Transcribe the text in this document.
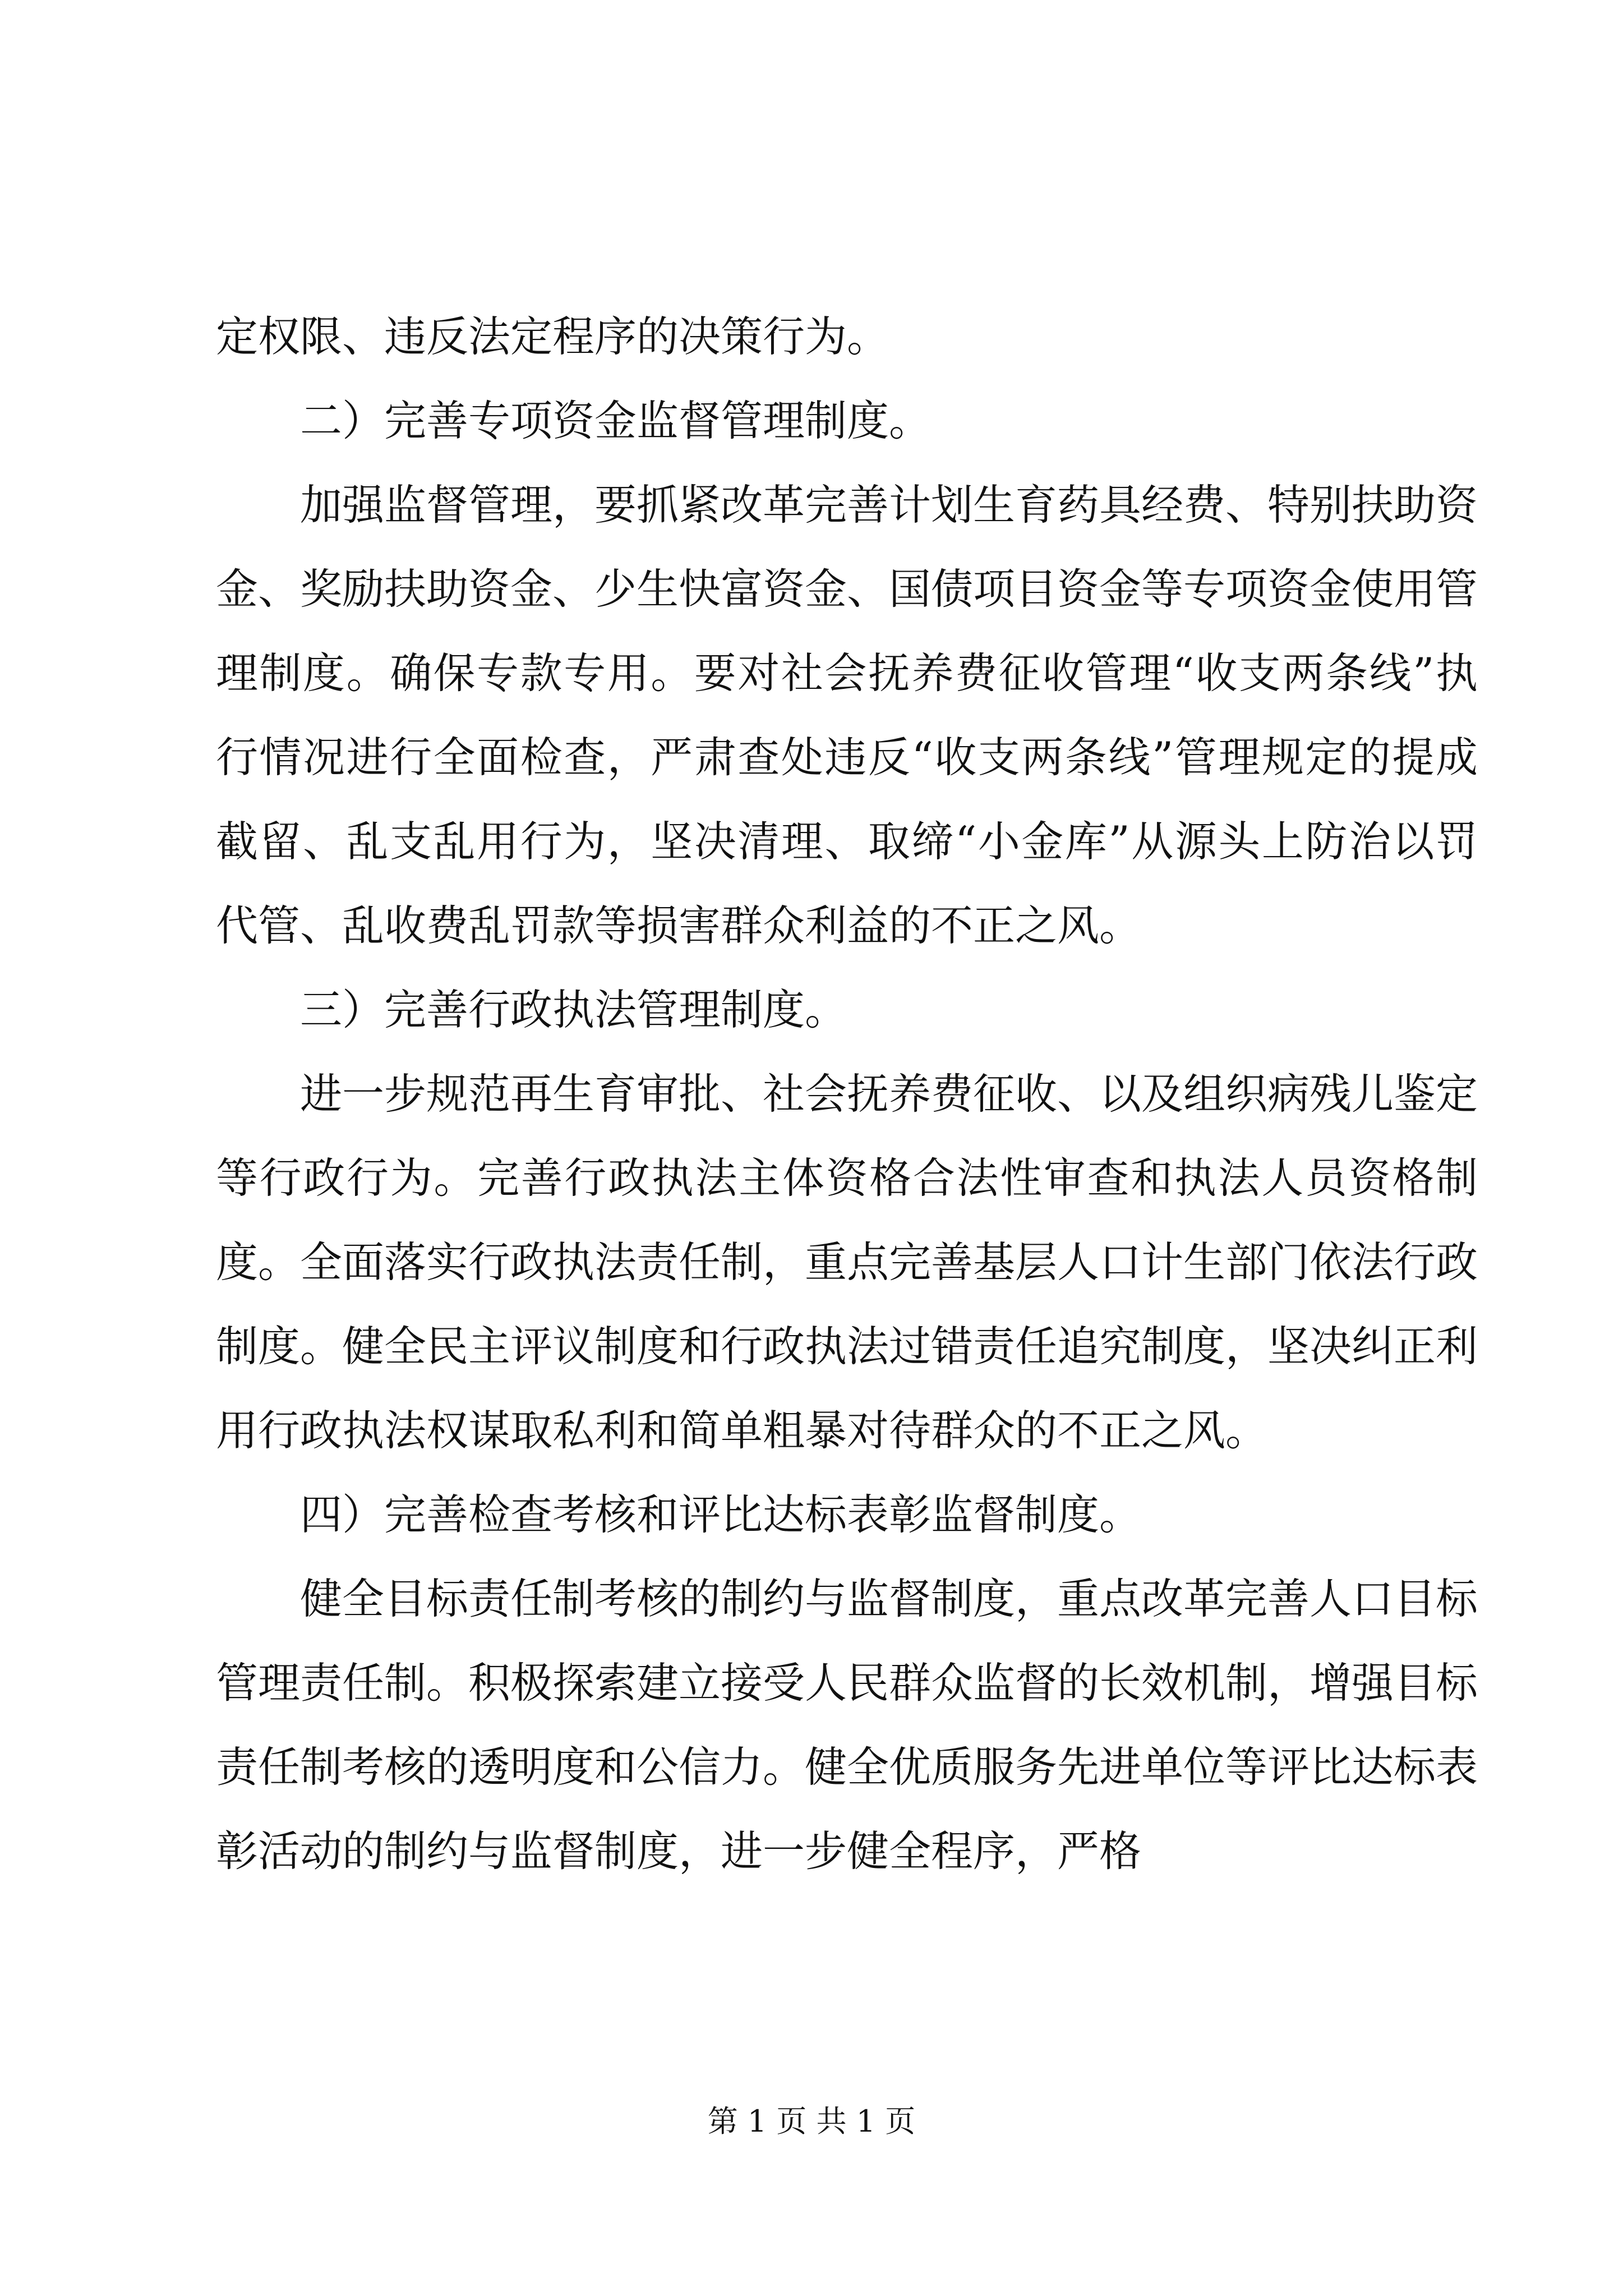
定权限、违反法定程序的决策行为。

二）完善专项资金监督管理制度。

加强监督管理，要抓紧改革完善计划生育药具经费、特别扶助资金、奖励扶助资金、少生快富资金、国债项目资金等专项资金使用管理制度。确保专款专用。要对社会抚养费征收管理“收支两条线”执行情况进行全面检查，严肃查处违反“收支两条线”管理规定的提成截留、乱支乱用行为，坚决清理、取缔“小金库”从源头上防治以罚代管、乱收费乱罚款等损害群众利益的不正之风。

三）完善行政执法管理制度。

进一步规范再生育审批、社会抚养费征收、以及组织病残儿鉴定等行政行为。完善行政执法主体资格合法性审查和执法人员资格制度。全面落实行政执法责任制，重点完善基层人口计生部门依法行政制度。健全民主评议制度和行政执法过错责任追究制度，坚决纠正利用行政执法权谋取私利和简单粗暴对待群众的不正之风。

四）完善检查考核和评比达标表彰监督制度。

健全目标责任制考核的制约与监督制度，重点改革完善人口目标管理责任制。积极探索建立接受人民群众监督的长效机制，增强目标责任制考核的透明度和公信力。健全优质服务先进单位等评比达标表彰活动的制约与监督制度，进一步健全程序，严格

第 1 页 共 1 页
